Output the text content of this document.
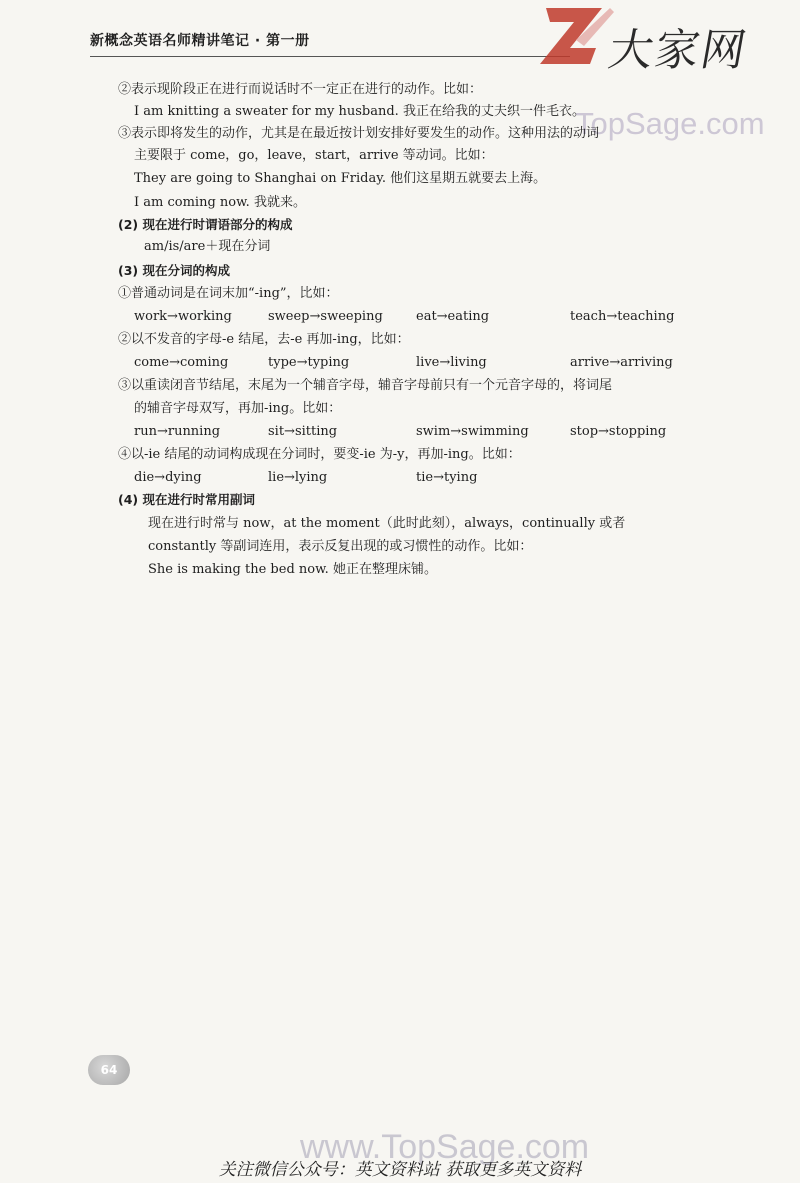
新概念英语名师精讲笔记 · 第一册	大家网
TopSage.com
②表示现阶段正在进行而说话时不一定正在进行的动作。比如：
I am knitting a sweater for my husband. 我正在给我的丈夫织一件毛衣。
③表示即将发生的动作，尤其是在最近按计划安排好要发生的动作。这种用法的动词
主要限于 come，go，leave，start，arrive 等动词。比如：
They are going to Shanghai on Friday. 他们这星期五就要去上海。
I am coming now. 我就来。
(2) 现在进行时谓语部分的构成
am/is/are＋现在分词
(3) 现在分词的构成
①普通动词是在词末加“-ing”，比如：
work→working	sweep→sweeping	eat→eating	teach→teaching
②以不发音的字母-e 结尾，去-e 再加-ing，比如：
come→coming	type→typing	live→living	arrive→arriving
③以重读闭音节结尾，末尾为一个辅音字母，辅音字母前只有一个元音字母的，将词尾
的辅音字母双写，再加-ing。比如：
run→running	sit→sitting	swim→swimming	stop→stopping
④以-ie 结尾的动词构成现在分词时，要变-ie 为-y，再加-ing。比如：
die→dying	lie→lying	tie→tying
(4) 现在进行时常用副词
现在进行时常与 now，at the moment（此时此刻），always，continually 或者
constantly 等副词连用，表示反复出现的或习惯性的动作。比如：
She is making the bed now. 她正在整理床铺。
64
www.TopSage.com
关注微信公众号：英文资料站 获取更多英文资料
